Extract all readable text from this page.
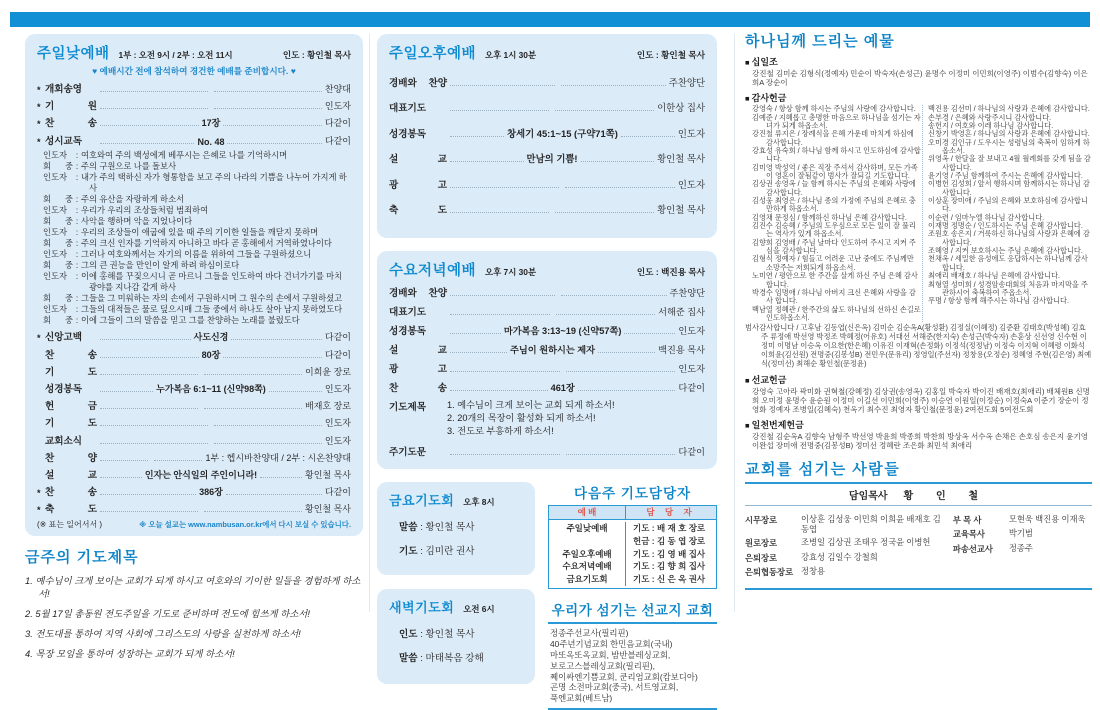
주일낮예배 1부 : 오전 9시 / 2부 : 오전 11시	인도 : 황인철 목사
♥ 예배시간 전에 참석하여 경건한 예배를 준비합시다. ♥
* 개회송영	찬양대
* 기 원	인도자
* 찬 송	17장	다같이
* 성시교독	No. 48	다같이
인도자 : 여호와여 주의 백성에게 베푸시는 은혜로 나를 기억하시며
회 중 : 주의 구원으로 나를 돌보사
인도자 : 내가 주의 택하신 자가 형통함을 보고 주의 나라의 기쁨을 나누어 가지게 하사
회 중 : 주의 유산을 자랑하게 하소서
인도자 : 우리가 우리의 조상들처럼 범죄하여
회 중 : 사악을 행하며 악을 지었나이다
인도자 : 우리의 조상들이 애굽에 있을 때 주의 기이한 일들을 깨닫지 못하며
회 중 : 주의 크신 인자를 기억하지 아니하고 바다 곧 홍해에서 거역하였나이다
인도자 : 그러나 여호와께서는 자기의 이름을 위하여 그들을 구원하셨으니
회 중 : 그의 큰 권능을 만인이 알게 하려 하심이로다
인도자 : 이에 홍해를 꾸짖으시니 곧 마르니 그들을 인도하여 바다 건너가기를 마치 광야를 지나감 같게 하사
회 중 : 그들을 그 미워하는 자의 손에서 구원하시며 그 원수의 손에서 구원하셨고
인도자 : 그들의 대적들은 물로 덮으시매 그들 중에서 하나도 살아 남지 못하였도다
회 중 : 이에 그들이 그의 말씀을 믿고 그를 찬양하는 노래를 불렀도다
* 신앙고백	사도신경	다같이
찬 송	80장	다같이
기 도	이희윤 장로
성경봉독	누가복음 6:1~11 (신약98쪽)	인도자
헌 금	배재호 장로
기 도	인도자
교회소식	인도자
찬 양	1부 : 헵시바찬양대 / 2부 : 시온찬양대
설 교	인자는 안식일의 주인이니라!	황인철 목사
* 찬 송	386장	다같이
* 축 도	황인철 목사
(※ 표는 일어서서 )	※ 오늘 설교는 www.nambusan.or.kr에서 다시 보실 수 있습니다.
금주의 기도제목
1. 예수님이 크게 보이는 교회가 되게 하시고 여호와의 기이한 일들을 경험하게 하소서!
2. 5월 17일 총동원 전도주일을 기도로 준비하며 전도에 힘쓰게 하소서!
3. 전도대를 통하여 지역 사회에 그리스도의 사랑을 실천하게 하소서!
4. 목장 모임을 통하여 성장하는 교회가 되게 하소서!
주일오후예배 오후 1시 30분	인도 : 황인철 목사
경배와 찬양	주찬양단
대표기도	이한상 집사
성경봉독	창세기 45:1~15 (구약71쪽)	인도자
설 교	만남의 기쁨!	황인철 목사
광 고	인도자
축 도	황인철 목사
수요저녁예배 오후 7시 30분	인도 : 백진용 목사
경배와 찬양	주찬양단
대표기도	서해준 집사
성경봉독	마가복음 3:13~19 (신약57쪽)	인도자
설 교	주님이 원하시는 제자	백진용 목사
광 고	인도자
찬 송	461장	다같이
기도제목	1. 예수님이 크게 보이는 교회 되게 하소서!
2. 20개의 목장이 활성화 되게 하소서!
3. 전도로 부흥하게 하소서!
주기도문	다같이
금요기도회 오후 8시
말씀 : 황인철 목사
기도 : 김미란 권사
새벽기도회 오전 6시
인도 : 황인철 목사
말씀 : 마태복음 강해
다음주 기도담당자
예 배	담 당 자
주일낮예배	기도 : 배 재 호 장로
헌금 : 김 동 엽 장로
주일오후예배	기도 : 김 영 배 집사
수요저녁예배	기도 : 김 향 희 집사
금요기도회	기도 : 신 은 옥 권사
우리가 섬기는 선교지 교회
정종주선교사(필리핀)
40주년기념교회 한민음교회(국내)
마또옥또옥교회, 밤반블레싱교회,
보로고스블레싱교회(필리핀),
쩨이싸엔기쁨교회, 쿤리엄교회(캄보디아)
곤명 소전마교회(중국), 서트영교회,
푹엔교회(베트남)
하나님께 드리는 예물
■ 십일조
강진철 김미순 김형식(정예자) 민순이 박숙자(손성근) 윤명수 이정미 이민희(이영주) 이범수(김향숙) 이은희A 장순이
■ 감사헌금
강영숙 / 항상 함께 하시는 주님의 사랑에 감사합니다.
김예준 / 지혜롭고 총명한 마음으로 하나님을 섬기는 자녀가 되게 하옵소서.
강진철 류지은 / 장례식을 은혜 가운데 마치게 하심에 감사합니다.
강효성 유숙희 / 하나님 함께 하시고 인도하심에 감사합니다.
김미영 박성억 / 좋은 직장 주셔서 감사하며, 모든 가족이 영혼이 잘됨같이 범사가 잘되길 기도합니다.
김상권 송영옥 / 늘 함께 하시는 주님의 은혜와 사랑에 감사합니다.
김성웅 최영은 / 하나님 종의 가정에 주님의 은혜로 충만하게 하옵소서.
김영채 문정심 / 함께하신 하나님 은혜 감사합니다.
김진수 김승혜 / 주님의 도우심으로 모든 일이 잘 풀리는 역사가 있게 하옵소서.
김향희 김영배 / 주님 날마다 인도하여 주시고 지켜 주심을 감사합니다.
김형식 정예자 / 힘들고 어려운 고난 중에도 주님께만 소망주는 저희되게 하옵소서.
노미연 / 평안으로 한 주간을 살게 하신 주님 은혜 감사합니다.
박경수 임명애 / 하나님 아버지 크신 은혜와 사랑을 감사 합니다.
백남열 정혜관 / 한주간의 삶도 하나님의 선하신 손길로 인도하옵소서.
백진용 김선미 / 하나님의 사랑과 은혜에 감사합니다.
손부경 / 은혜와 사랑주시니 감사합니다.
송헌지 / 여호와 이레 하나님 감사합니다.
신창기 박영흔 / 하나님의 사랑과 은혜에 감사합니다.
오미경 김인규 / 도우시는 성령님의 축복이 임하게 하옵소서.
위영옥 / 한달을 잘 보내고 4월 월례회를 갖게 됨을 감사합니다.
윤기영 / 주님 함께하여 주시는 은혜에 감사합니다.
이병헌 김성희 / 앞서 행하시며 함께하시는 하나님 감사합니다.
이상훈 장미애 / 주님의 은혜와 보호하심에 감사합니다.
이순련 / 임마누엘 하나님 감사합니다.
이재명 정명순 / 인도하시는 주님 은혜 감사합니다.
조원호 송은지 / 거룩하신 하나님의 사랑과 은혜에 감사합니다.
조혜영 / 지켜 보호하시는 주님 은혜에 감사합니다.
천채옥 / 세밀한 음성에도 응답하시는 하나님께 감사합니다.
최애리 배재호 / 하나님 은혜에 감사합니다.
최형열 성미희 / 성경암송대회의 처음과 마지막을 주관하시어 축복하여 주옵소서.
무명 / 항상 함께 해주시는 하나님 감사합니다.
범사감사합니다 / 고후남 김동엽(신은옥) 김미순 김순옥A(황성환) 김정실(이혜정) 김준환 김태호(박성혜) 김효주 류정애 박선영 박정조 박혜정(어유호) 서대선 서해준(한지숙) 손성근(박숙자) 손훈상 신선영 신수현 이정미 이명남 이승옥 이요한(한은혜) 이유진 이재혁(손정화) 이정석(정정남) 이정숙 이지혁 이혜령 이화석 이희윤(김선원) 전명중(김봉성B) 전민우(문유리) 정영일(주선자) 정창용(오정순) 정혜영 주현(김은영) 최예식(정미선) 최해순 황인철(문정윤)
■ 선교헌금
강영숙 고아라 곽미화 권혁철(강혜정) 김상권(송영옥) 김홍일 박숙자 박이진 배재호(최애리) 배체원B 신명희 오미정 윤명수 윤순원 이정미 이길선 이민희(이영주) 이승연 이원일(이정순) 이정숙A 이준기 장순이 정영화 정예자 조병일(김혜숙) 천옥기 최수진 최영자 황인철(문정윤) 2여전도회 5여전도회
■ 일천번제헌금
강진철 김순옥A 김향숙 남형주 박선영 박윤희 박종희 박찬희 방상옥 서수옥 손채은 손호심 송은지 윤기영 이완섭 장미애 전명중(김봉성B) 정미선 정혜란 조은화 최민석 최애리
교회를 섬기는 사람들
담임목사 황 인 철
시무장로	이상훈 김성웅 이민희 이희윤 배재호 김동엽
원로장로	조병일 김상권 조태우 정국윤 이병헌
은퇴장로	강효성 김일수 강철희
은퇴협동장로 정창용
부 목 사	모현욱 백진용 이재욱
교육목사	박기범
파송선교사	정종주
